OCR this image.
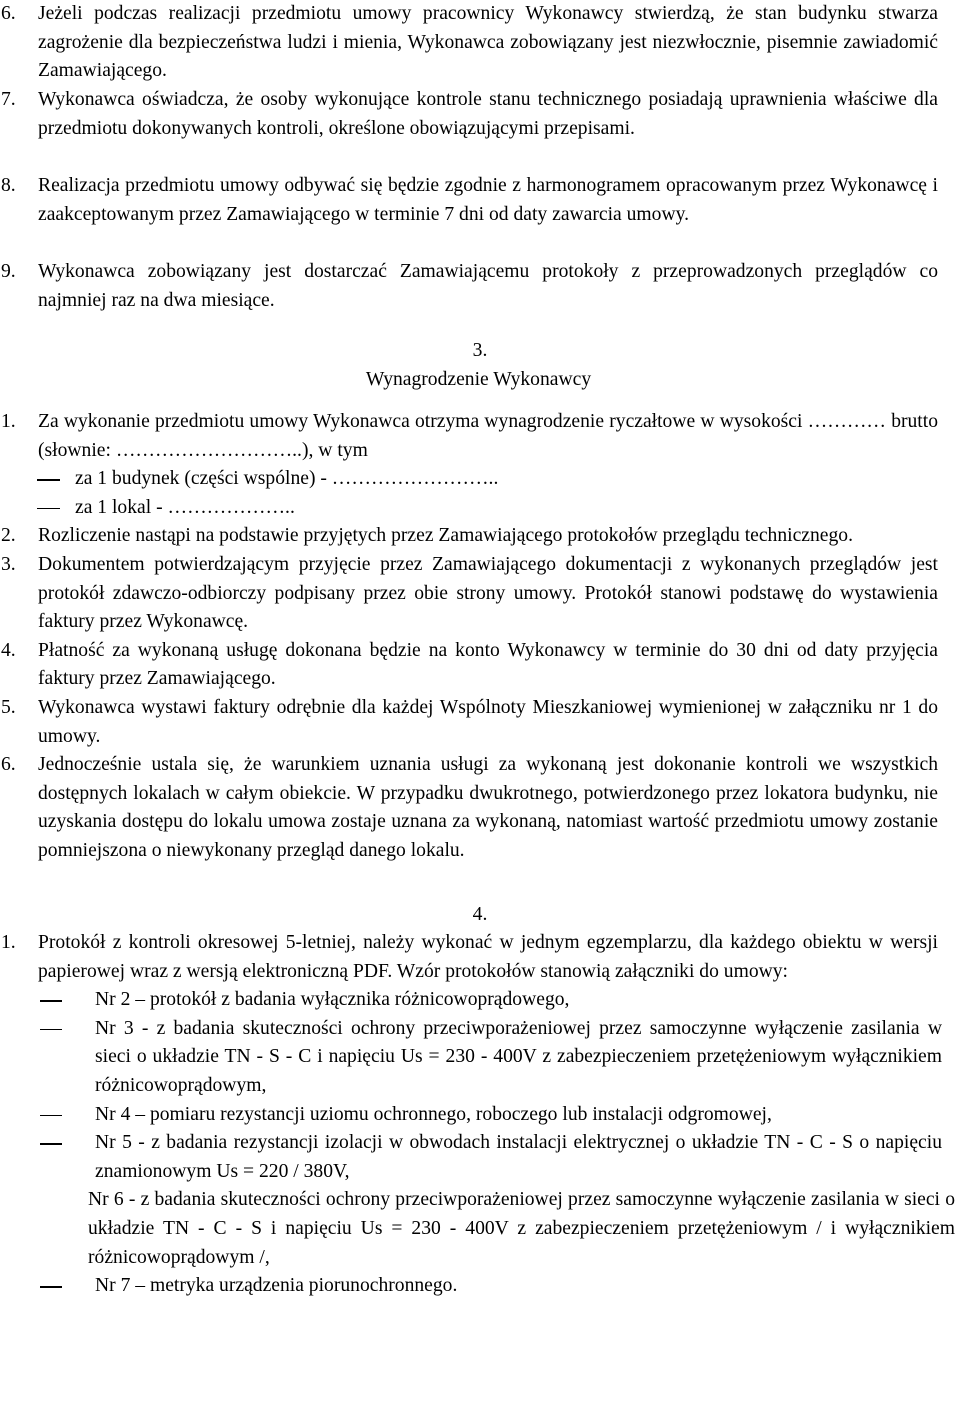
6.	Jeżeli podczas realizacji przedmiotu umowy pracownicy Wykonawcy stwierdzą, że stan budynku stwarza zagrożenie dla bezpieczeństwa ludzi i mienia, Wykonawca zobowiązany jest niezwłocznie, pisemnie zawiadomić Zamawiającego.
7.	Wykonawca oświadcza, że osoby wykonujące kontrole stanu technicznego posiadają uprawnienia właściwe dla przedmiotu dokonywanych kontroli, określone obowiązującymi przepisami.
8.	Realizacja przedmiotu umowy odbywać się będzie zgodnie z harmonogramem opracowanym przez Wykonawcę i zaakceptowanym przez Zamawiającego w terminie 7 dni od daty zawarcia umowy.
9.	Wykonawca zobowiązany jest dostarczać Zamawiającemu protokoły z przeprowadzonych przeglądów co najmniej raz na dwa miesiące.
3.
Wynagrodzenie Wykonawcy
1.	Za wykonanie przedmiotu umowy Wykonawca otrzyma wynagrodzenie ryczałtowe w wysokości ………… brutto (słownie: ………………………..), w tym
za 1 budynek (części wspólne) - ……………………..
za 1 lokal - ………………..
2.	Rozliczenie nastąpi na podstawie przyjętych przez Zamawiającego protokołów przeglądu technicznego.
3.	Dokumentem potwierdzającym przyjęcie przez Zamawiającego dokumentacji z wykonanych przeglądów jest protokół zdawczo-odbiorczy podpisany przez obie strony umowy. Protokół stanowi podstawę do wystawienia faktury przez Wykonawcę.
4.	Płatność za wykonaną usługę dokonana będzie na konto Wykonawcy w terminie do 30 dni od daty przyjęcia faktury przez Zamawiającego.
5.	Wykonawca wystawi faktury odrębnie dla każdej Wspólnoty Mieszkaniowej wymienionej w załączniku nr 1 do umowy.
6.	Jednocześnie ustala się, że warunkiem uznania usługi za wykonaną jest dokonanie kontroli we wszystkich dostępnych lokalach w całym obiekcie. W przypadku dwukrotnego, potwierdzonego przez lokatora budynku, nie uzyskania dostępu do lokalu umowa zostaje uznana za wykonaną, natomiast wartość przedmiotu umowy zostanie pomniejszona o niewykonany przegląd danego lokalu.
4.
1.	Protokół z kontroli okresowej 5-letniej, należy wykonać w jednym egzemplarzu, dla każdego obiektu w wersji papierowej wraz z wersją elektroniczną PDF. Wzór protokołów stanowią załączniki do umowy:
Nr 2 – protokół z badania wyłącznika różnicowoprądowego,
Nr 3 - z badania skuteczności ochrony przeciwporażeniowej przez samoczynne wyłączenie zasilania w sieci o układzie TN - S - C i napięciu Us = 230 - 400V z zabezpieczeniem przetężeniowym wyłącznikiem różnicowoprądowym,
Nr 4 – pomiaru rezystancji uziomu ochronnego, roboczego lub instalacji odgromowej,
Nr 5 - z badania rezystancji izolacji w obwodach instalacji elektrycznej o układzie TN - C - S o napięciu znamionowym Us = 220 / 380V,
Nr 6 - z badania skuteczności ochrony przeciwporażeniowej przez samoczynne wyłączenie zasilania w sieci o układzie TN - C - S i napięciu Us = 230 - 400V z zabezpieczeniem przetężeniowym / i wyłącznikiem różnicowoprądowym /,
Nr 7 – metryka urządzenia piorunochronnego.
